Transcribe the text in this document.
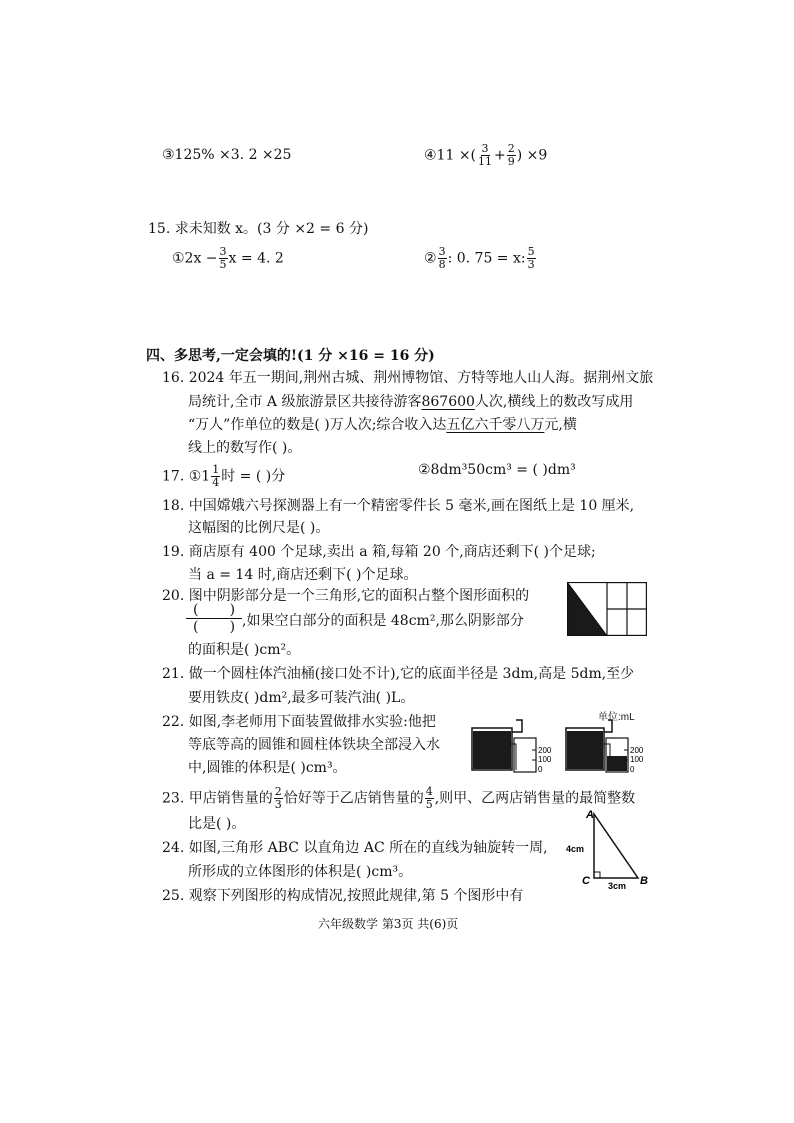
③125% ×3. 2 ×25	④11 ×( $\frac{3}{11} + \frac{2}{9}$ ) ×9
15. 求未知数 x。(3 分 ×2 = 6 分)
①2x − $\frac{3}{5}$ x = 4. 2	② $\frac{3}{8}$ : 0. 75 = x: $\frac{5}{3}$
四、多思考,一定会填的!(1 分 ×16 = 16 分)
16. 2024 年五一期间,荆州古城、荆州博物馆、方特等地人山人海。据荆州文旅
局统计,全市 A 级旅游景区共接待游客867600人次,横线上的数改写成用
“万人”作单位的数是( )万人次;综合收入达五亿六千零八万元,横
线上的数写作( )。
17. ①1 $\frac{1}{4}$ 时 = ( )分	②8dm³50cm³ = ( )dm³
18. 中国嫦娥六号探测器上有一个精密零件长 5 毫米,画在图纸上是 10 厘米,
这幅图的比例尺是( )。
19. 商店原有 400 个足球,卖出 a 箱,每箱 20 个,商店还剩下( )个足球;
当 a = 14 时,商店还剩下( )个足球。
20. 图中阴影部分是一个三角形,它的面积占整个图形面积的
(       )
(       ) ,如果空白部分的面积是 48cm²,那么阴影部分
的面积是( )cm²。
21. 做一个圆柱体汽油桶(接口处不计),它的底面半径是 3dm,高是 5dm,至少
要用铁皮( )dm²,最多可装汽油( )L。
22. 如图,李老师用下面装置做排水实验:他把
等底等高的圆锥和圆柱体铁块全部浸入水
中,圆锥的体积是( )cm³。
单位:mL
200
100
0
200
100
0
23. 甲店销售量的 $\frac{2}{3}$ 恰好等于乙店销售量的 $\frac{4}{5}$ ,则甲、乙两店销售量的最简整数
比是( )。
24. 如图,三角形 ABC 以直角边 AC 所在的直线为轴旋转一周,
所形成的立体图形的体积是( )cm³。
A
C	B
4cm
3cm
25. 观察下列图形的构成情况,按照此规律,第 5 个图形中有
六年级数学 第3页 共(6)页
